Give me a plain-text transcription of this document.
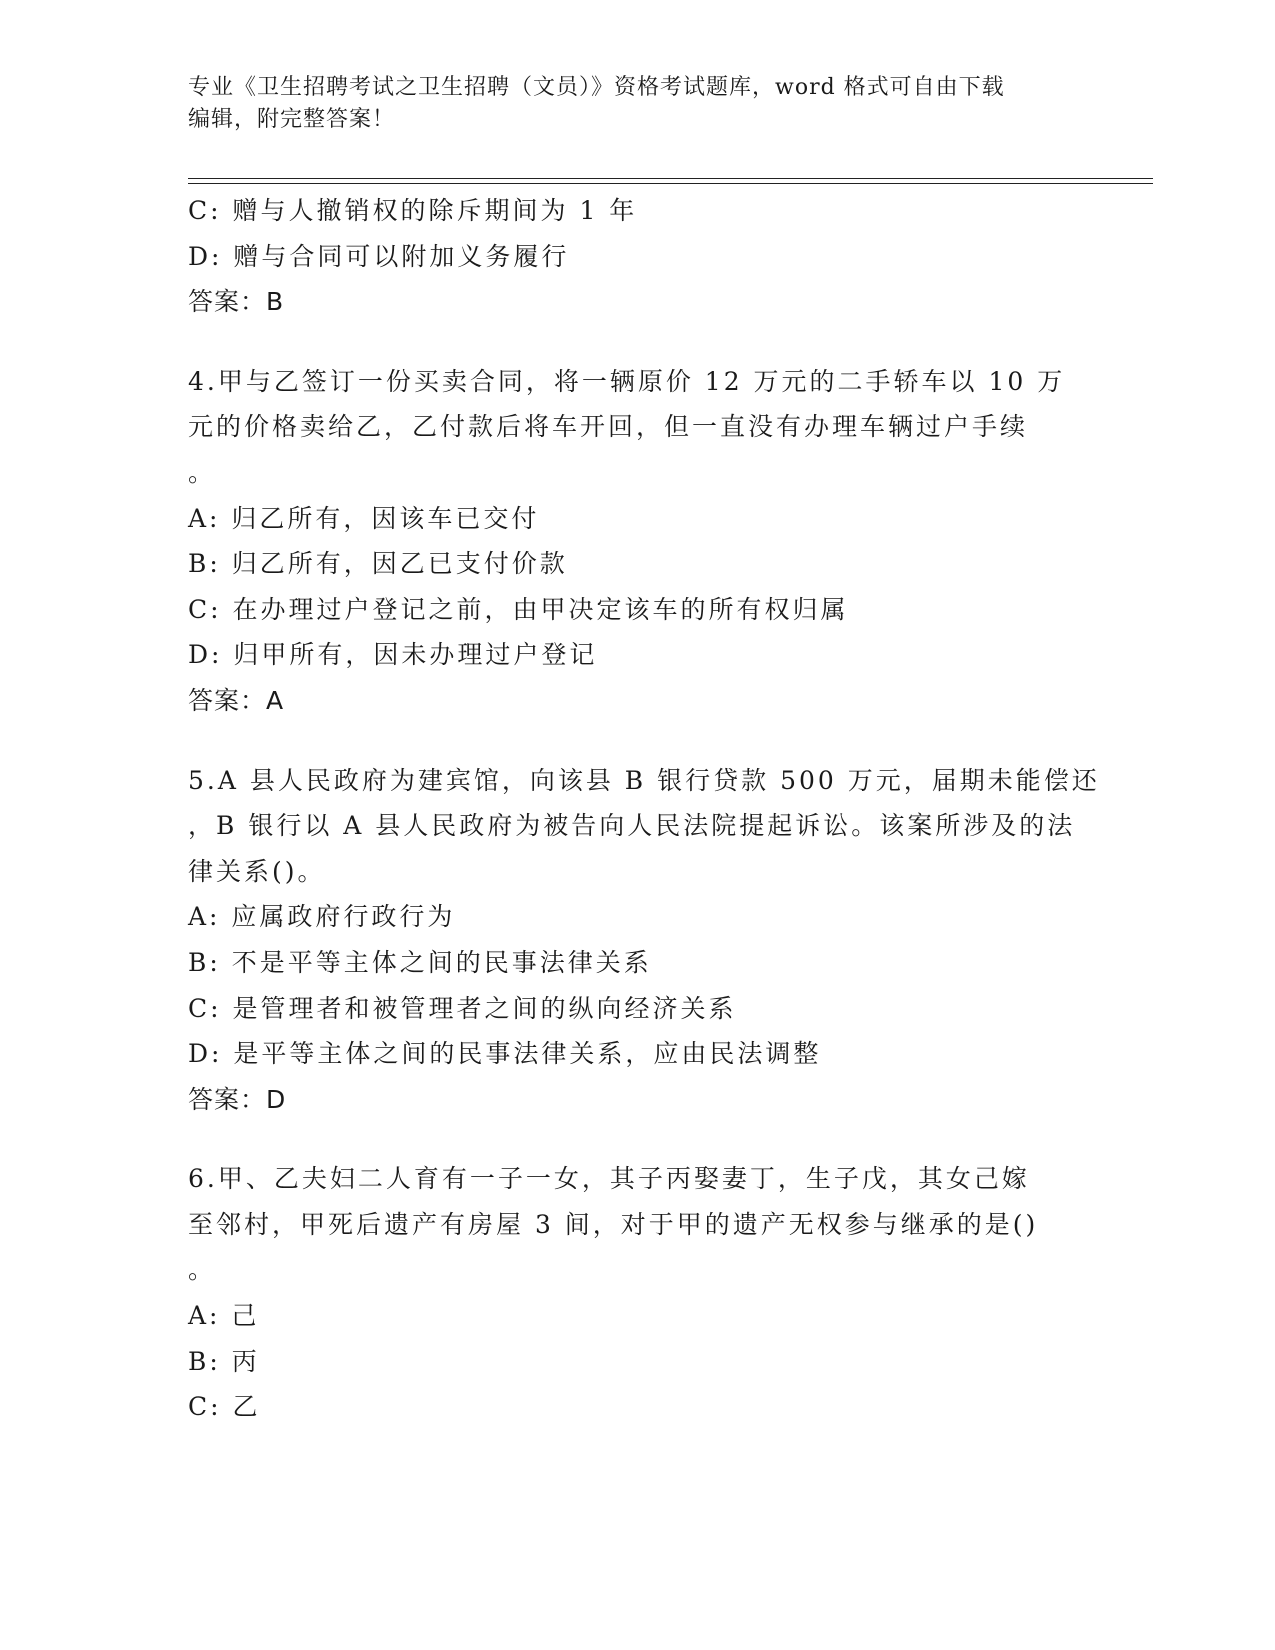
专业《卫生招聘考试之卫生招聘（文员）》资格考试题库，word 格式可自由下载
编辑，附完整答案！
C: 赠与人撤销权的除斥期间为 1 年
D: 赠与合同可以附加义务履行
答案：B
4.甲与乙签订一份买卖合同，将一辆原价 12 万元的二手轿车以 10 万
元的价格卖给乙，乙付款后将车开回，但一直没有办理车辆过户手续
。
A: 归乙所有，因该车已交付
B: 归乙所有，因乙已支付价款
C: 在办理过户登记之前，由甲决定该车的所有权归属
D: 归甲所有，因未办理过户登记
答案：A
5.A 县人民政府为建宾馆，向该县 B 银行贷款 500 万元，届期未能偿还
，B 银行以 A 县人民政府为被告向人民法院提起诉讼。该案所涉及的法
律关系()。
A: 应属政府行政行为
B: 不是平等主体之间的民事法律关系
C: 是管理者和被管理者之间的纵向经济关系
D: 是平等主体之间的民事法律关系，应由民法调整
答案：D
6.甲、乙夫妇二人育有一子一女，其子丙娶妻丁，生子戊，其女己嫁
至邻村，甲死后遗产有房屋 3 间，对于甲的遗产无权参与继承的是()
。
A: 己
B: 丙
C: 乙
